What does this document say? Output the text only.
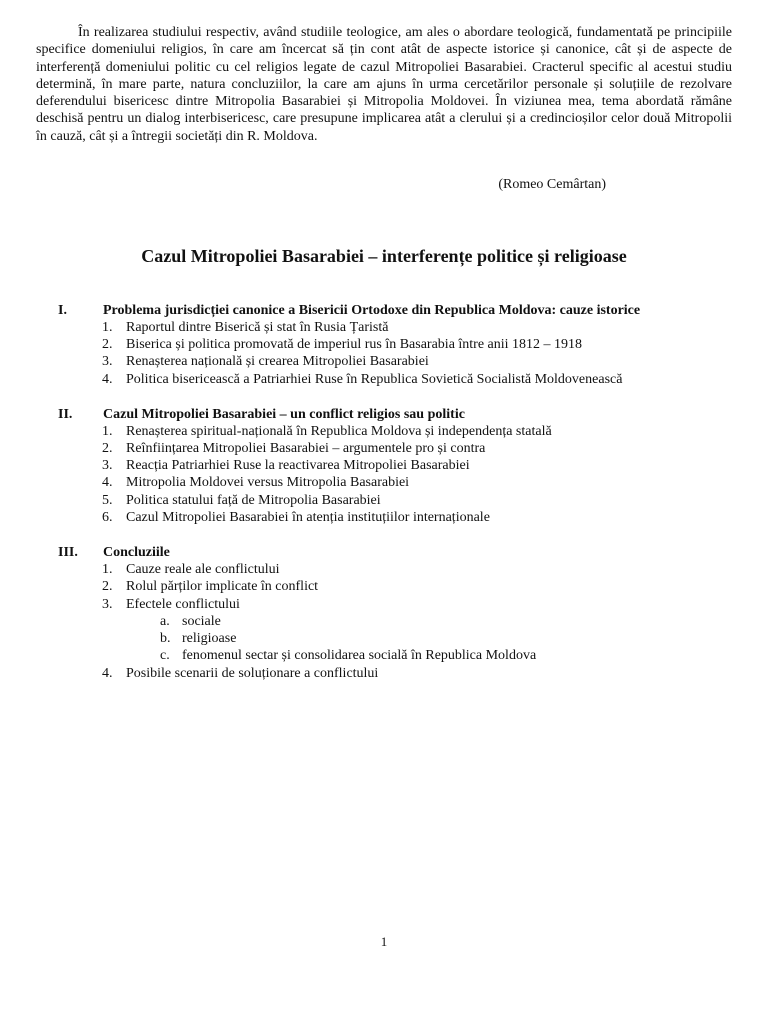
În realizarea studiului respectiv, având studiile teologice, am ales o abordare teologică, fundamentată pe principiile specifice domeniului religios, în care am încercat să țin cont atât de aspecte istorice și canonice, cât și de aspecte de interferență domeniului politic cu cel religios legate de cazul Mitropoliei Basarabiei. Cracterul specific al acestui studiu determină, în mare parte, natura concluziilor, la care am ajuns în urma cercetărilor personale și soluțiile de rezolvare deferendului bisericesc dintre Mitropolia Basarabiei și Mitropolia Moldovei. În viziunea mea, tema abordată rămâne deschisă pentru un dialog interbisericesc, care presupune implicarea atât a clerului și a credincioșilor celor două Mitropolii în cauză, cât și a întregii societăți din R. Moldova.
(Romeo Cemârtan)
Cazul Mitropoliei Basarabiei – interferențe politice și religioase
I.	Problema jurisdicției canonice a Bisericii Ortodoxe din Republica Moldova: cauze istorice
1. Raportul dintre Biserică și stat în Rusia Țaristă
2. Biserica și politica promovată de imperiul rus în Basarabia între anii 1812 – 1918
3. Renașterea națională și crearea Mitropoliei Basarabiei
4. Politica bisericească a Patriarhiei Ruse în Republica Sovietică Socialistă Moldovenească
II. Cazul Mitropoliei Basarabiei – un conflict religios sau politic
1. Renașterea spiritual-națională în Republica Moldova și independența statală
2. Reînființarea Mitropoliei Basarabiei – argumentele pro și contra
3. Reacția Patriarhiei Ruse la reactivarea Mitropoliei Basarabiei
4. Mitropolia Moldovei versus Mitropolia Basarabiei
5. Politica statului față de Mitropolia Basarabiei
6. Cazul Mitropoliei Basarabiei în atenția instituțiilor internaționale
III. Concluziile
1. Cauze reale ale conflictului
2. Rolul părților implicate în conflict
3. Efectele conflictului
a. sociale
b. religioase
c. fenomenul sectar și consolidarea socială în Republica Moldova
4. Posibile scenarii de soluționare a conflictului
1
